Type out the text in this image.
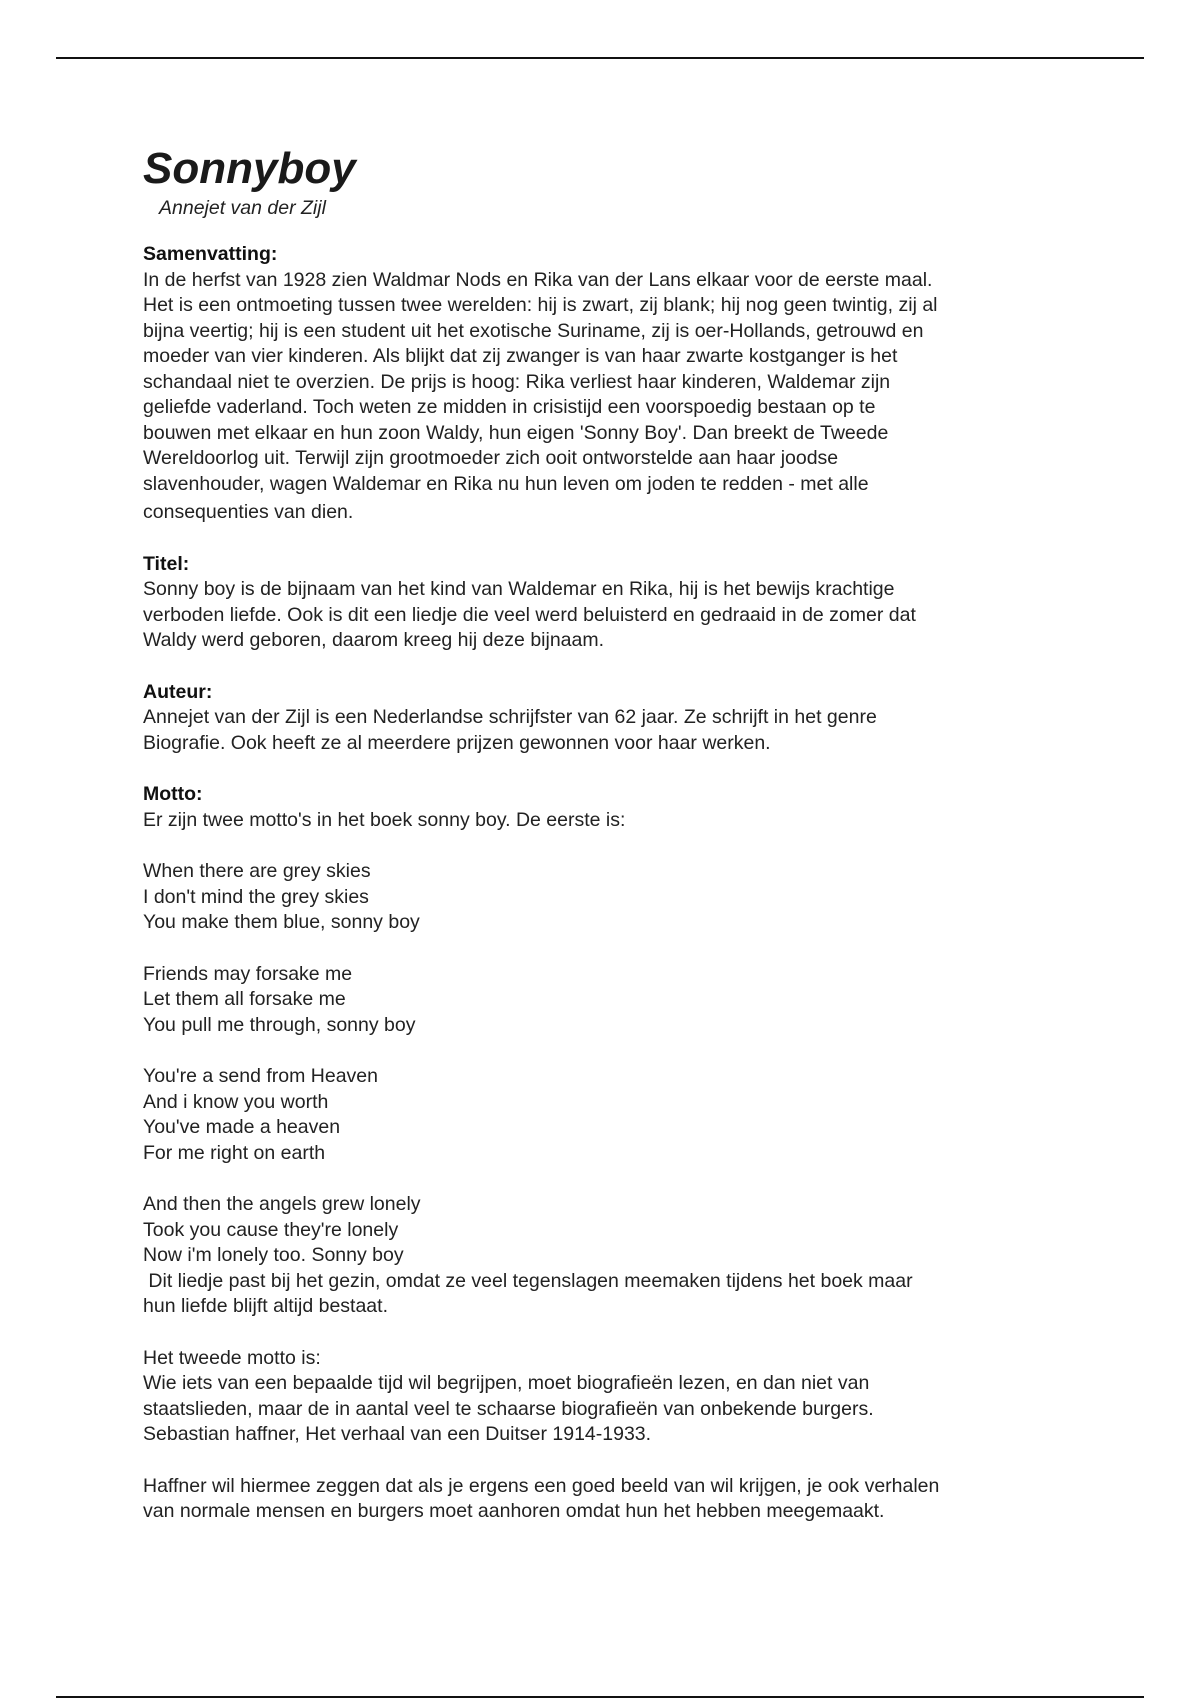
Sonnyboy

Annejet van der Zijl

Samenvatting:

In de herfst van 1928 zien Waldmar Nods en Rika van der Lans elkaar voor de eerste maal.
Het is een ontmoeting tussen twee werelden: hij is zwart, zij blank; hij nog geen twintig, zij al
bijna veertig; hij is een student uit het exotische Suriname, zij is oer-Hollands, getrouwd en
moeder van vier kinderen. Als blijkt dat zij zwanger is van haar zwarte kostganger is het
schandaal niet te overzien. De prijs is hoog: Rika verliest haar kinderen, Waldemar zijn
geliefde vaderland. Toch weten ze midden in crisistijd een voorspoedig bestaan op te
bouwen met elkaar en hun zoon Waldy, hun eigen 'Sonny Boy'. Dan breekt de Tweede
Wereldoorlog uit. Terwijl zijn grootmoeder zich ooit ontworstelde aan haar joodse
slavenhouder, wagen Waldemar en Rika nu hun leven om joden te redden - met alle
consequenties van dien.

Titel:

Sonny boy is de bijnaam van het kind van Waldemar en Rika, hij is het bewijs krachtige
verboden liefde. Ook is dit een liedje die veel werd beluisterd en gedraaid in de zomer dat
Waldy werd geboren, daarom kreeg hij deze bijnaam.

Auteur:

Annejet van der Zijl is een Nederlandse schrijfster van 62 jaar. Ze schrijft in het genre
Biografie. Ook heeft ze al meerdere prijzen gewonnen voor haar werken.

Motto:

Er zijn twee motto's in het boek sonny boy. De eerste is:
When there are grey skies
I don't mind the grey skies
You make them blue, sonny boy
Friends may forsake me
Let them all forsake me
You pull me through, sonny boy
You're a send from Heaven
And i know you worth
You've made a heaven
For me right on earth
And then the angels grew lonely
Took you cause they're lonely
Now i'm lonely too. Sonny boy
Dit liedje past bij het gezin, omdat ze veel tegenslagen meemaken tijdens het boek maar
hun liefde blijft altijd bestaat.
Het tweede motto is:
Wie iets van een bepaalde tijd wil begrijpen, moet biografieën lezen, en dan niet van
staatslieden, maar de in aantal veel te schaarse biografieën van onbekende burgers.
Sebastian haffner, Het verhaal van een Duitser 1914-1933.
Haffner wil hiermee zeggen dat als je ergens een goed beeld van wil krijgen, je ook verhalen
van normale mensen en burgers moet aanhoren omdat hun het hebben meegemaakt.
